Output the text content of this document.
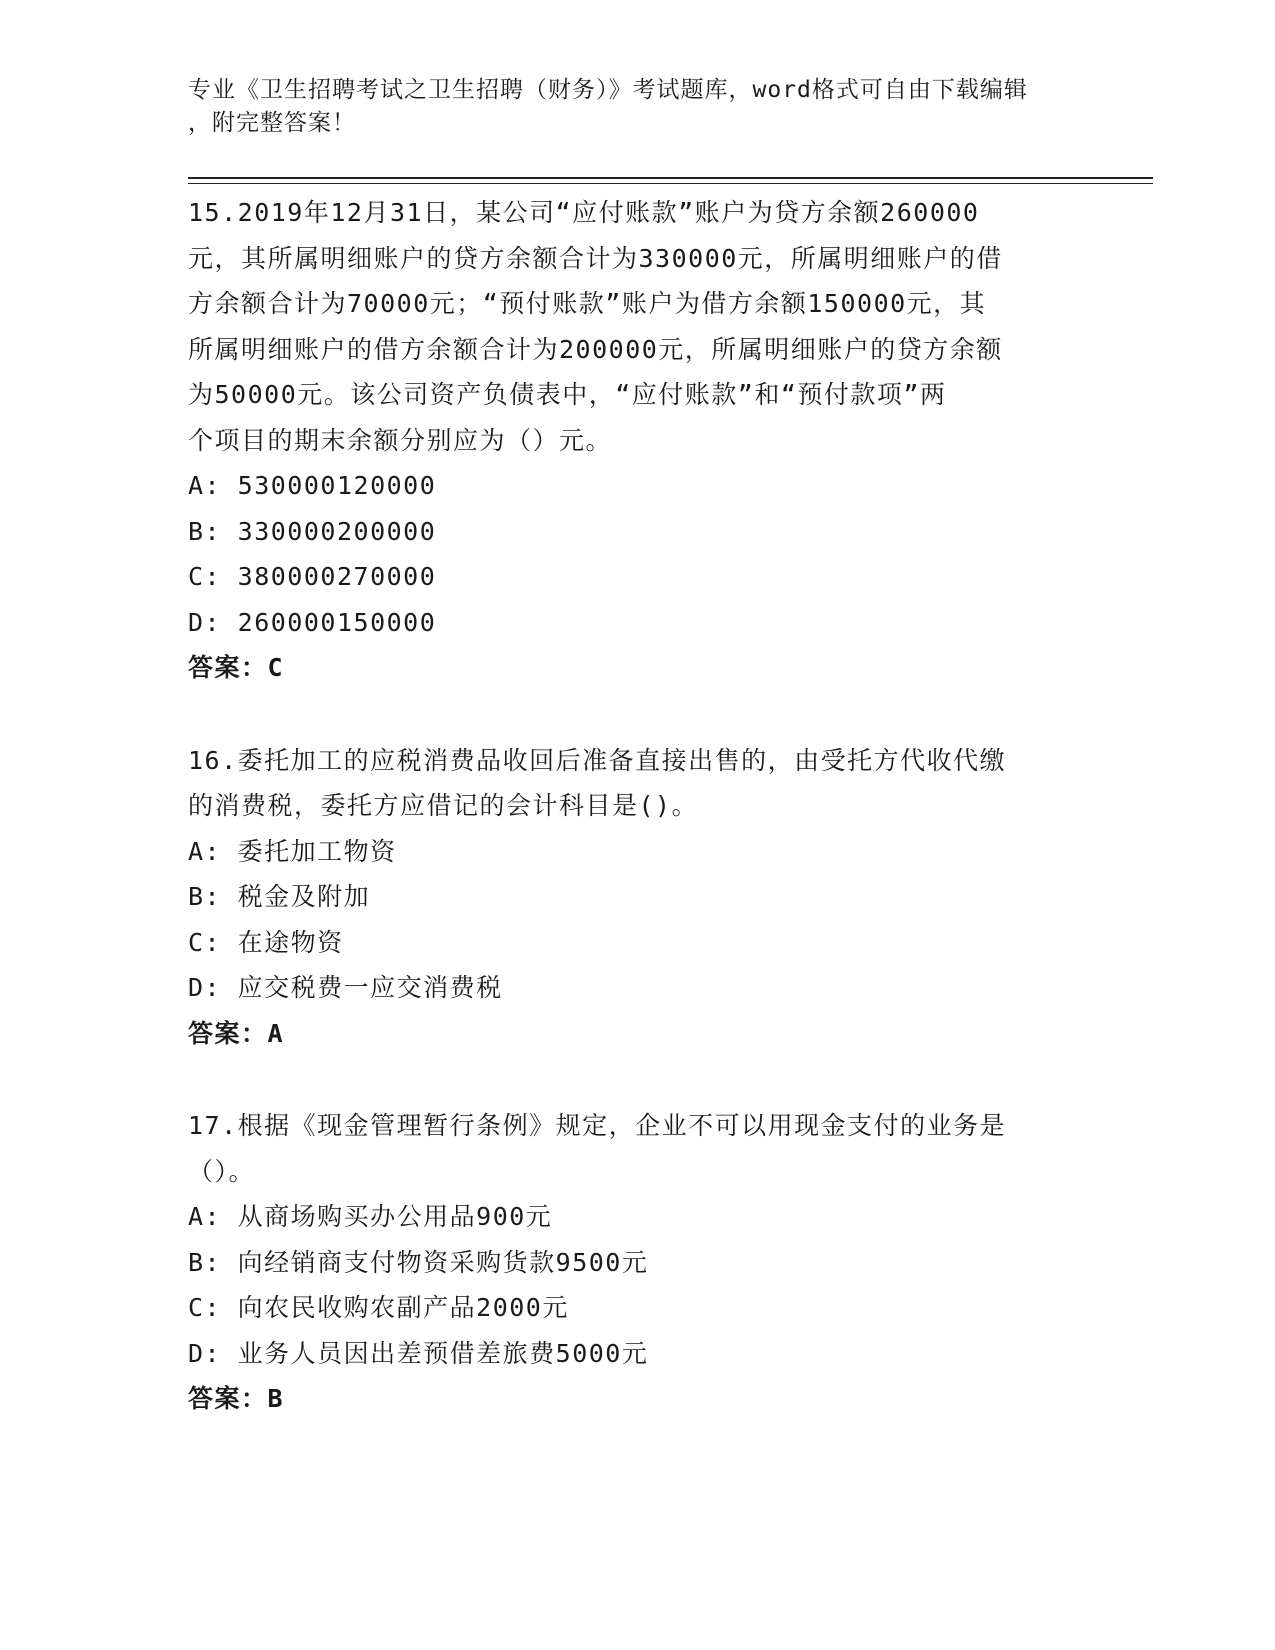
专业《卫生招聘考试之卫生招聘（财务）》考试题库，word格式可自由下载编辑
，附完整答案！
15.2019年12月31日，某公司“应付账款”账户为贷方余额260000
元，其所属明细账户的贷方余额合计为330000元，所属明细账户的借
方余额合计为70000元；“预付账款”账户为借方余额150000元，其
所属明细账户的借方余额合计为200000元，所属明细账户的贷方余额
为50000元。该公司资产负债表中，“应付账款”和“预付款项”两
个项目的期末余额分别应为（）元。
A: 530000120000
B: 330000200000
C: 380000270000
D: 260000150000
答案：C
16.委托加工的应税消费品收回后准备直接出售的，由受托方代收代缴
的消费税，委托方应借记的会计科目是()。
A: 委托加工物资
B: 税金及附加
C: 在途物资
D: 应交税费一应交消费税
答案：A
17.根据《现金管理暂行条例》规定，企业不可以用现金支付的业务是
（）。
A: 从商场购买办公用品900元
B: 向经销商支付物资采购货款9500元
C: 向农民收购农副产品2000元
D: 业务人员因出差预借差旅费5000元
答案：B
